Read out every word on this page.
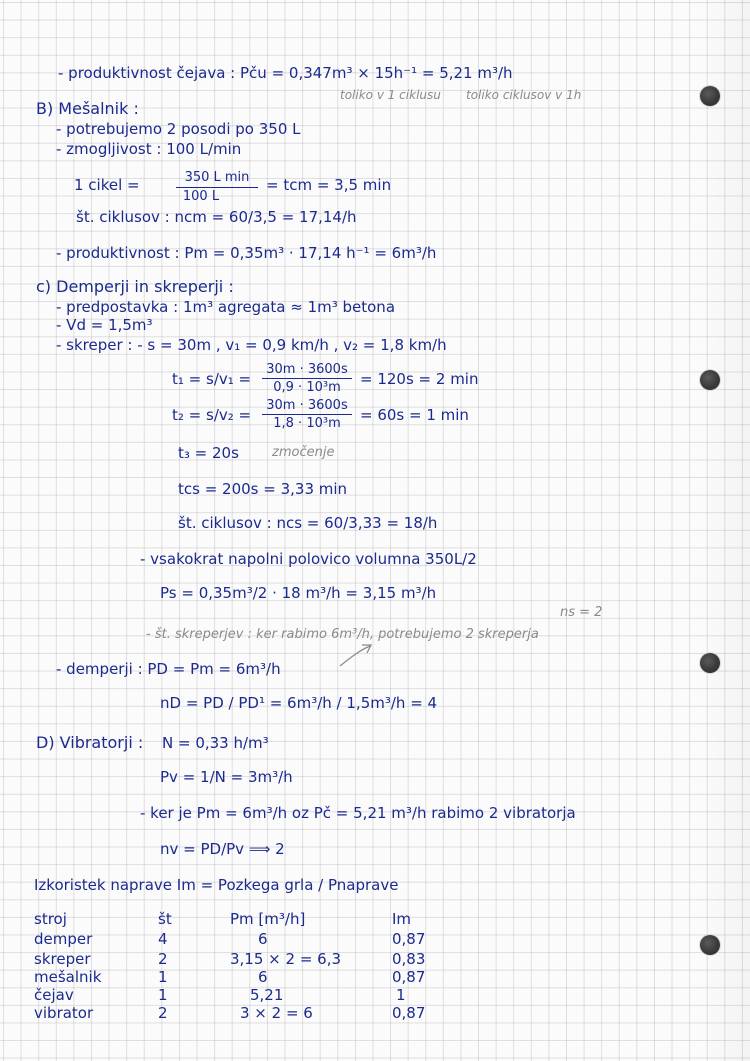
- produktivnost čejava : Pču = 0,347m³ × 15h⁻¹ = 5,21 m³/h
toliko v 1 ciklusu toliko ciklusov v 1h
B) Mešalnik :
- potrebujemo 2 posodi po 350 L
- zmogljivost : 100 L/min
1 cikel =	350 L min
100 L
= tcm = 3,5 min
št. ciklusov : ncm = 60/3,5 = 17,14/h
- produktivnost : Pm = 0,35m³ · 17,14 h⁻¹ = 6m³/h
c) Demperji in skreperji :
- predpostavka : 1m³ agregata ≈ 1m³ betona
- Vd = 1,5m³
- skreper : - s = 30m , v₁ = 0,9 km/h , v₂ = 1,8 km/h
t₁ = s/v₁ =
30m · 3600s
0,9 · 10³m	= 120s = 2 min
t₂ = s/v₂ =
30m · 3600s
1,8 · 10³m	= 60s = 1 min
t₃ = 20s	zmočenje
tcs = 200s = 3,33 min
št. ciklusov : ncs = 60/3,33 = 18/h
- vsakokrat napolni polovico volumna 350L/2
Ps = 0,35m³/2 · 18 m³/h = 3,15 m³/h
ns = 2
- št. skreperjev : ker rabimo 6m³/h, potrebujemo 2 skreperja
- demperji : PD = Pm = 6m³/h
nD = PD / PD¹ = 6m³/h / 1,5m³/h = 4
D) Vibratorji : N = 0,33 h/m³
Pv = 1/N = 3m³/h
- ker je Pm = 6m³/h oz Pč = 5,21 m³/h rabimo 2 vibratorja
nv = PD/Pv ⟹ 2
Izkoristek naprave Im = Pozkega grla / Pnaprave
stroj	št	Pm [m³/h]	Im
demper	4	6	0,87
skreper	2	3,15 × 2 = 6,3	0,83
mešalnik	1	6	0,87
čejav	1	5,21	1
vibrator	2	3 × 2 = 6	0,87
